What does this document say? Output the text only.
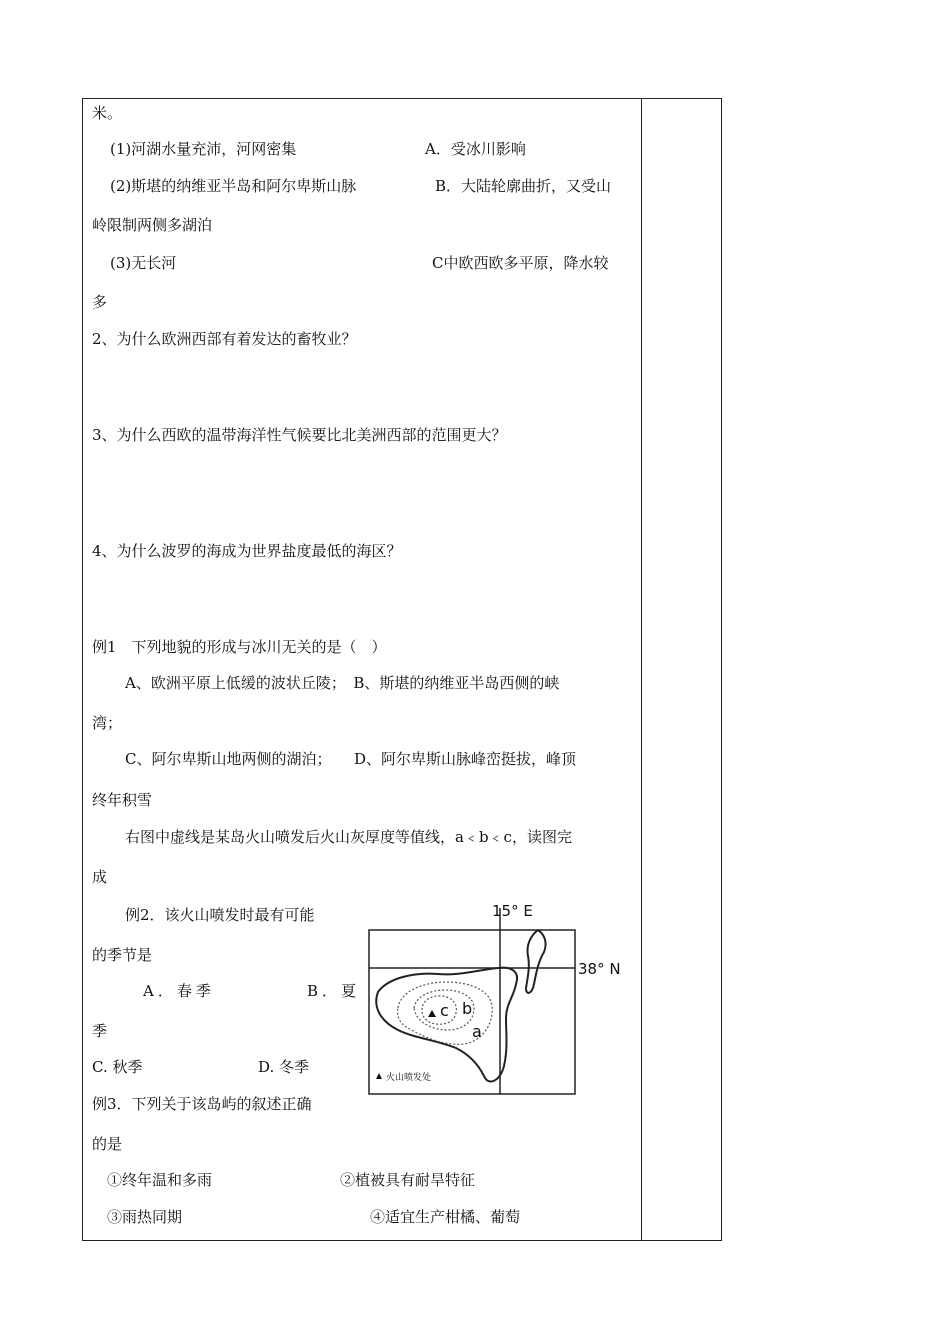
米。
(1)河湖水量充沛，河网密集	A．受冰川影响
(2)斯堪的纳维亚半岛和阿尔卑斯山脉	B．大陆轮廓曲折，又受山
岭限制两侧多湖泊
(3)无长河	C中欧西欧多平原，降水较
多
2、为什么欧洲西部有着发达的畜牧业？
3、为什么西欧的温带海洋性气候要比北美洲西部的范围更大？
4、为什么波罗的海成为世界盐度最低的海区？
例1　下列地貌的形成与冰川无关的是（　）
A、欧洲平原上低缓的波状丘陵；　B、斯堪的纳维亚半岛西侧的峡
湾；
C、阿尔卑斯山地两侧的湖泊；　　D、阿尔卑斯山脉峰峦挺拔，峰顶
终年积雪
右图中虚线是某岛火山喷发后火山灰厚度等值线，a﹤b﹤c，读图完
成
例2．该火山喷发时最有可能
的季节是
A．春季	B．夏
季
C. 秋季	D. 冬季
例3．下列关于该岛屿的叙述正确
的是
①终年温和多雨	②植被具有耐旱特征
③雨热同期	④适宜生产柑橘、葡萄
15° E
38° N
c b
a
火山喷发处
